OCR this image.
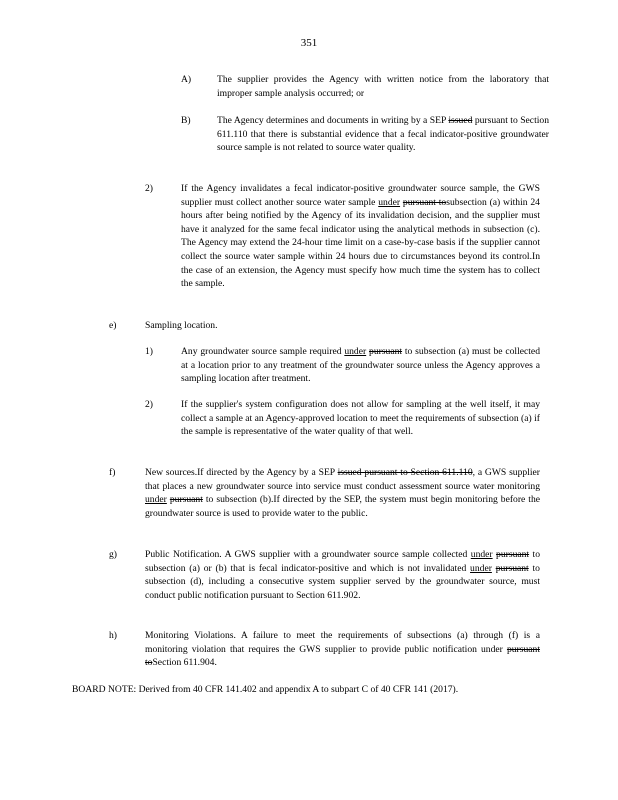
351
A)	The supplier provides the Agency with written notice from the laboratory that improper sample analysis occurred; or
B)	The Agency determines and documents in writing by a SEP issued pursuant to Section 611.110 that there is substantial evidence that a fecal indicator-positive groundwater source sample is not related to source water quality.
2)	If the Agency invalidates a fecal indicator-positive groundwater source sample, the GWS supplier must collect another source water sample under pursuant tosubsection (a) within 24 hours after being notified by the Agency of its invalidation decision, and the supplier must have it analyzed for the same fecal indicator using the analytical methods in subsection (c). The Agency may extend the 24-hour time limit on a case-by-case basis if the supplier cannot collect the source water sample within 24 hours due to circumstances beyond its control.In the case of an extension, the Agency must specify how much time the system has to collect the sample.
e)	Sampling location.
1)	Any groundwater source sample required under pursuant to subsection (a) must be collected at a location prior to any treatment of the groundwater source unless the Agency approves a sampling location after treatment.
2)	If the supplier's system configuration does not allow for sampling at the well itself, it may collect a sample at an Agency-approved location to meet the requirements of subsection (a) if the sample is representative of the water quality of that well.
f)	New sources.If directed by the Agency by a SEP issued pursuant to Section 611.110, a GWS supplier that places a new groundwater source into service must conduct assessment source water monitoring under pursuant to subsection (b).If directed by the SEP, the system must begin monitoring before the groundwater source is used to provide water to the public.
g)	Public Notification. A GWS supplier with a groundwater source sample collected under pursuant to subsection (a) or (b) that is fecal indicator-positive and which is not invalidated under pursuant to subsection (d), including a consecutive system supplier served by the groundwater source, must conduct public notification pursuant to Section 611.902.
h)	Monitoring Violations. A failure to meet the requirements of subsections (a) through (f) is a monitoring violation that requires the GWS supplier to provide public notification under pursuant toSection 611.904.
BOARD NOTE: Derived from 40 CFR 141.402 and appendix A to subpart C of 40 CFR 141 (2017).
